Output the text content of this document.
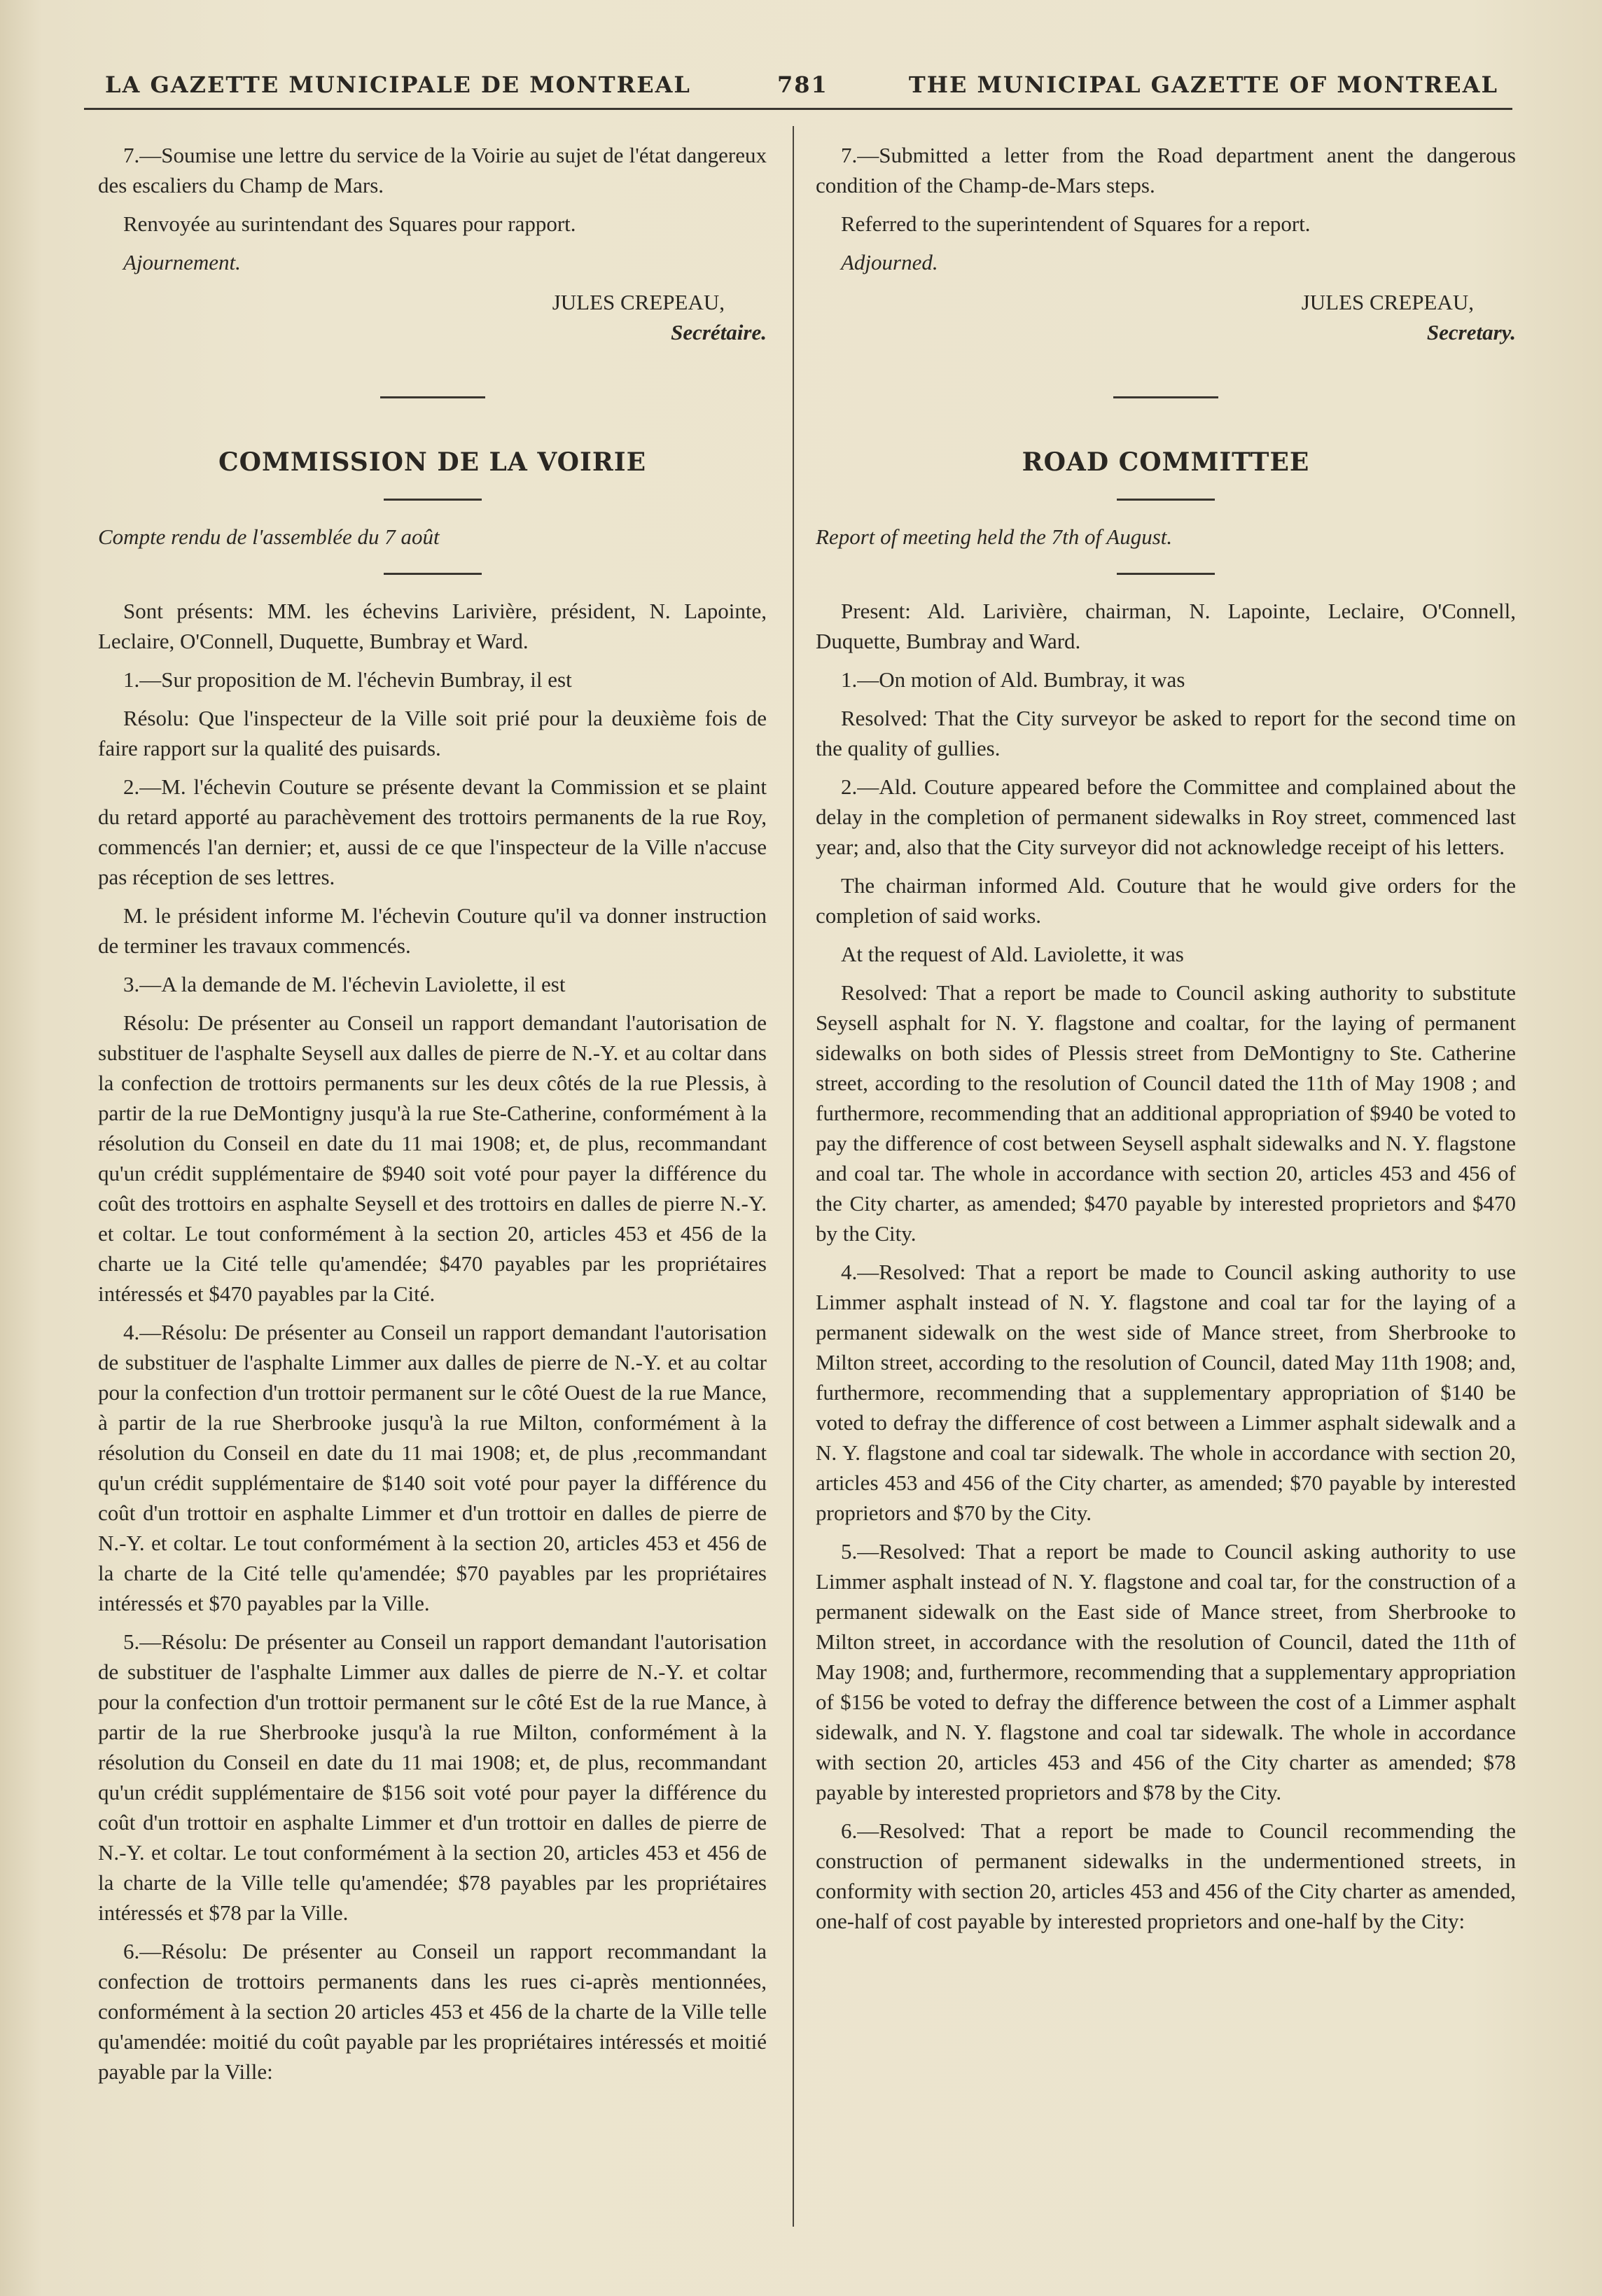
LA GAZETTE MUNICIPALE DE MONTREAL	781	THE MUNICIPAL GAZETTE OF MONTREAL

7.—Soumise une lettre du service de la Voirie au sujet de l'état dangereux des escaliers du Champ de Mars.

Renvoyée au surintendant des Squares pour rapport.

Ajournement.

JULES CREPEAU,
Secrétaire.
COMMISSION DE LA VOIRIE

Compte rendu de l'assemblée du 7 août

Sont présents: MM. les échevins Larivière, président, N. Lapointe, Leclaire, O'Connell, Duquette, Bumbray et Ward.

1.—Sur proposition de M. l'échevin Bumbray, il est

Résolu: Que l'inspecteur de la Ville soit prié pour la deuxième fois de faire rapport sur la qualité des puisards.

2.—M. l'échevin Couture se présente devant la Commission et se plaint du retard apporté au parachèvement des trottoirs permanents de la rue Roy, commencés l'an dernier; et, aussi de ce que l'inspecteur de la Ville n'accuse pas réception de ses lettres.

M. le président informe M. l'échevin Couture qu'il va donner instruction de terminer les travaux commencés.

3.—A la demande de M. l'échevin Laviolette, il est

Résolu: De présenter au Conseil un rapport demandant l'autorisation de substituer de l'asphalte Seysell aux dalles de pierre de N.-Y. et au coltar dans la confection de trottoirs permanents sur les deux côtés de la rue Plessis, à partir de la rue DeMontigny jusqu'à la rue Ste-Catherine, conformément à la résolution du Conseil en date du 11 mai 1908; et, de plus, recommandant qu'un crédit supplémentaire de $940 soit voté pour payer la différence du coût des trottoirs en asphalte Seysell et des trottoirs en dalles de pierre N.-Y. et coltar. Le tout conformément à la section 20, articles 453 et 456 de la charte ue la Cité telle qu'amendée; $470 payables par les propriétaires intéressés et $470 payables par la Cité.

4.—Résolu: De présenter au Conseil un rapport demandant l'autorisation de substituer de l'asphalte Limmer aux dalles de pierre de N.-Y. et au coltar pour la confection d'un trottoir permanent sur le côté Ouest de la rue Mance, à partir de la rue Sherbrooke jusqu'à la rue Milton, conformément à la résolution du Conseil en date du 11 mai 1908; et, de plus ,recommandant qu'un crédit supplémentaire de $140 soit voté pour payer la différence du coût d'un trottoir en asphalte Limmer et d'un trottoir en dalles de pierre de N.-Y. et coltar. Le tout conformément à la section 20, articles 453 et 456 de la charte de la Cité telle qu'amendée; $70 payables par les propriétaires intéressés et $70 payables par la Ville.

5.—Résolu: De présenter au Conseil un rapport demandant l'autorisation de substituer de l'asphalte Limmer aux dalles de pierre de N.-Y. et coltar pour la confection d'un trottoir permanent sur le côté Est de la rue Mance, à partir de la rue Sherbrooke jusqu'à la rue Milton, conformément à la résolution du Conseil en date du 11 mai 1908; et, de plus, recommandant qu'un crédit supplémentaire de $156 soit voté pour payer la différence du coût d'un trottoir en asphalte Limmer et d'un trottoir en dalles de pierre de N.-Y. et coltar. Le tout conformément à la section 20, articles 453 et 456 de la charte de la Ville telle qu'amendée; $78 payables par les propriétaires intéressés et $78 par la Ville.

6.—Résolu: De présenter au Conseil un rapport recommandant la confection de trottoirs permanents dans les rues ci-après mentionnées, conformément à la section 20 articles 453 et 456 de la charte de la Ville telle qu'amendée: moitié du coût payable par les propriétaires intéressés et moitié payable par la Ville:

7.—Submitted a letter from the Road department anent the dangerous condition of the Champ-de-Mars steps.

Referred to the superintendent of Squares for a report.

Adjourned.

JULES CREPEAU,
Secretary.
ROAD COMMITTEE

Report of meeting held the 7th of August.

Present: Ald. Larivière, chairman, N. Lapointe, Leclaire, O'Connell, Duquette, Bumbray and Ward.

1.—On motion of Ald. Bumbray, it was

Resolved: That the City surveyor be asked to report for the second time on the quality of gullies.

2.—Ald. Couture appeared before the Committee and complained about the delay in the completion of permanent sidewalks in Roy street, commenced last year; and, also that the City surveyor did not acknowledge receipt of his letters.

The chairman informed Ald. Couture that he would give orders for the completion of said works.

At the request of Ald. Laviolette, it was

Resolved: That a report be made to Council asking authority to substitute Seysell asphalt for N. Y. flagstone and coaltar, for the laying of permanent sidewalks on both sides of Plessis street from DeMontigny to Ste. Catherine street, according to the resolution of Council dated the 11th of May 1908 ; and furthermore, recommending that an additional appropriation of $940 be voted to pay the difference of cost between Seysell asphalt sidewalks and N. Y. flagstone and coal tar. The whole in accordance with section 20, articles 453 and 456 of the City charter, as amended; $470 payable by interested proprietors and $470 by the City.

4.—Resolved: That a report be made to Council asking authority to use Limmer asphalt instead of N. Y. flagstone and coal tar for the laying of a permanent sidewalk on the west side of Mance street, from Sherbrooke to Milton street, according to the resolution of Council, dated May 11th 1908; and, furthermore, recommending that a supplementary appropriation of $140 be voted to defray the difference of cost between a Limmer asphalt sidewalk and a N. Y. flagstone and coal tar sidewalk. The whole in accordance with section 20, articles 453 and 456 of the City charter, as amended; $70 payable by interested proprietors and $70 by the City.

5.—Resolved: That a report be made to Council asking authority to use Limmer asphalt instead of N. Y. flagstone and coal tar, for the construction of a permanent sidewalk on the East side of Mance street, from Sherbrooke to Milton street, in accordance with the resolution of Council, dated the 11th of May 1908; and, furthermore, recommending that a supplementary appropriation of $156 be voted to defray the difference between the cost of a Limmer asphalt sidewalk, and N. Y. flagstone and coal tar sidewalk. The whole in accordance with section 20, articles 453 and 456 of the City charter as amended; $78 payable by interested proprietors and $78 by the City.

6.—Resolved: That a report be made to Council recommending the construction of permanent sidewalks in the undermentioned streets, in conformity with section 20, articles 453 and 456 of the City charter as amended, one-half of cost payable by interested proprietors and one-half by the City:
